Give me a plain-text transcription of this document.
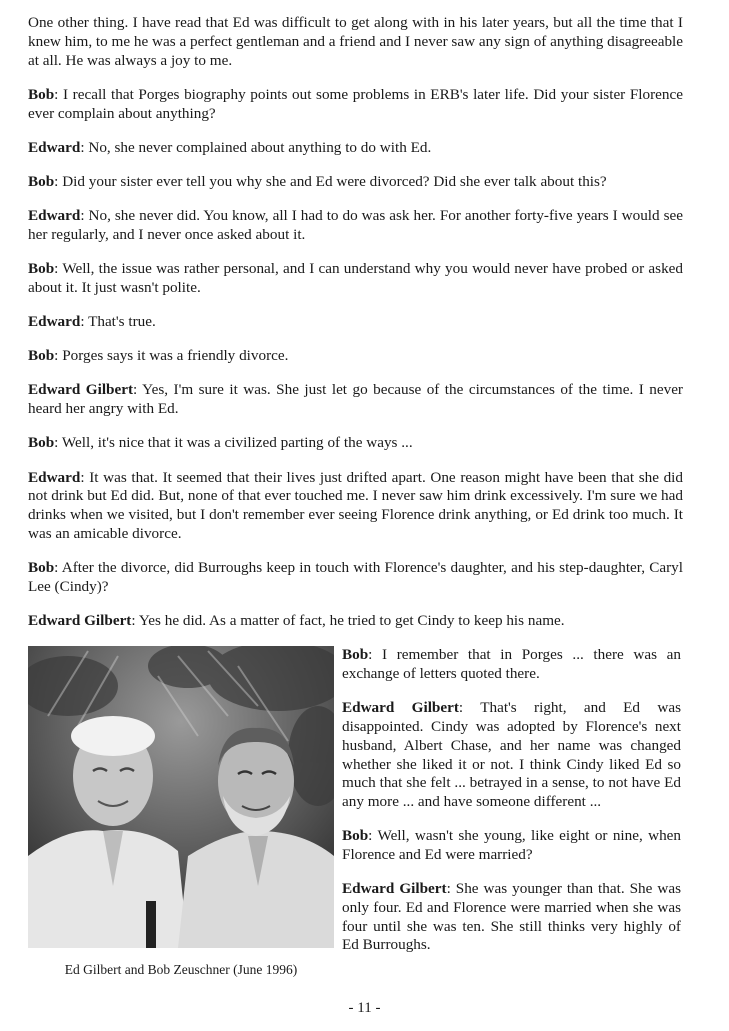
One other thing. I have read that Ed was difficult to get along with in his later years, but all the time that I knew him, to me he was a perfect gentleman and a friend and I never saw any sign of anything disagreeable at all. He was always a joy to me.

Bob: I recall that Porges biography points out some problems in ERB's later life. Did your sister Florence ever complain about anything?

Edward: No, she never complained about anything to do with Ed.

Bob: Did your sister ever tell you why she and Ed were divorced? Did she ever talk about this?

Edward: No, she never did. You know, all I had to do was ask her. For another forty-five years I would see her regularly, and I never once asked about it.

Bob: Well, the issue was rather personal, and I can understand why you would never have probed or asked about it. It just wasn't polite.

Edward: That's true.

Bob: Porges says it was a friendly divorce.

Edward Gilbert: Yes, I'm sure it was. She just let go because of the circumstances of the time. I never heard her angry with Ed.

Bob: Well, it's nice that it was a civilized parting of the ways ...

Edward: It was that. It seemed that their lives just drifted apart. One reason might have been that she did not drink but Ed did. But, none of that ever touched me. I never saw him drink excessively. I'm sure we had drinks when we visited, but I don't remember ever seeing Florence drink anything, or Ed drink too much. It was an amicable divorce.

Bob: After the divorce, did Burroughs keep in touch with Florence's daughter, and his step-daughter, Caryl Lee (Cindy)?

Edward Gilbert: Yes he did. As a matter of fact, he tried to get Cindy to keep his name.

Ed Gilbert and Bob Zeuschner (June 1996)

Bob: I remember that in Porges ... there was an exchange of letters quoted there.

Edward Gilbert: That's right, and Ed was disappointed. Cindy was adopted by Florence's next husband, Albert Chase, and her name was changed whether she liked it or not. I think Cindy liked Ed so much that she felt ... betrayed in a sense, to not have Ed any more ... and have someone different ...

Bob: Well, wasn't she young, like eight or nine, when Florence and Ed were married?

Edward Gilbert: She was younger than that. She was only four. Ed and Florence were married when she was four until she was ten. She still thinks very highly of Ed Burroughs.

- 11 -
